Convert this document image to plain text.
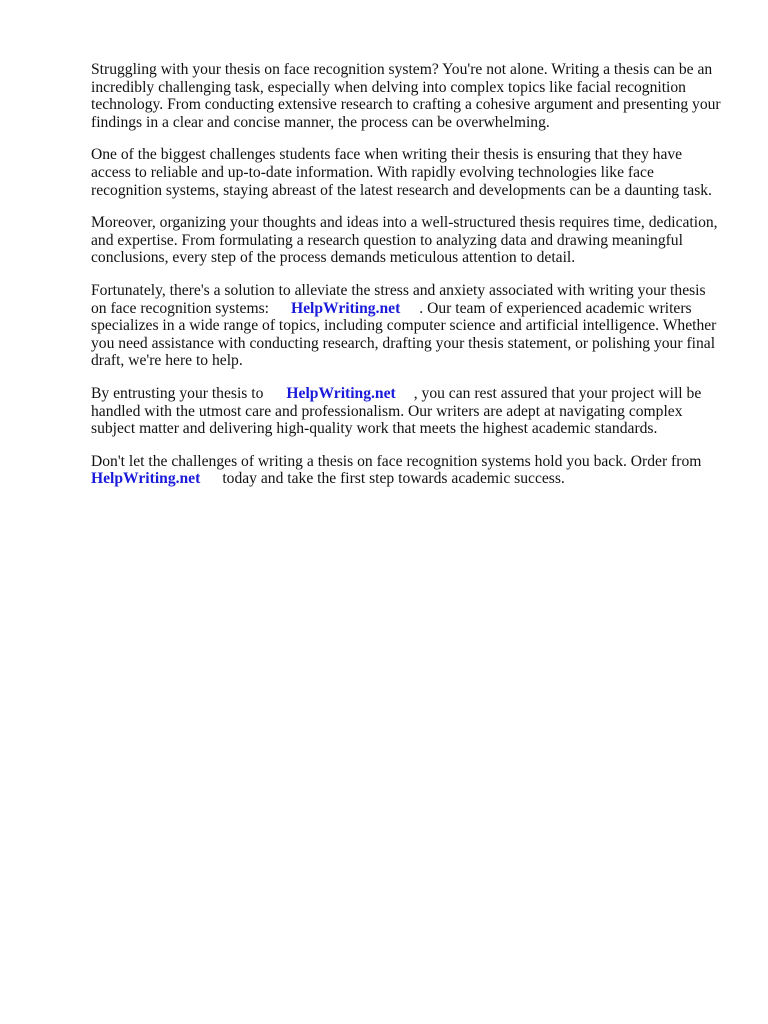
Struggling with your thesis on face recognition system? You're not alone. Writing a thesis can be an
incredibly challenging task, especially when delving into complex topics like facial recognition
technology. From conducting extensive research to crafting a cohesive argument and presenting your
findings in a clear and concise manner, the process can be overwhelming.

One of the biggest challenges students face when writing their thesis is ensuring that they have
access to reliable and up-to-date information. With rapidly evolving technologies like face
recognition systems, staying abreast of the latest research and developments can be a daunting task.

Moreover, organizing your thoughts and ideas into a well-structured thesis requires time, dedication,
and expertise. From formulating a research question to analyzing data and drawing meaningful
conclusions, every step of the process demands meticulous attention to detail.

Fortunately, there's a solution to alleviate the stress and anxiety associated with writing your thesis
on face recognition systems: HelpWriting.net . Our team of experienced academic writers
specializes in a wide range of topics, including computer science and artificial intelligence. Whether
you need assistance with conducting research, drafting your thesis statement, or polishing your final
draft, we're here to help.

By entrusting your thesis to HelpWriting.net , you can rest assured that your project will be
handled with the utmost care and professionalism. Our writers are adept at navigating complex
subject matter and delivering high-quality work that meets the highest academic standards.

Don't let the challenges of writing a thesis on face recognition systems hold you back. Order from
HelpWriting.net today and take the first step towards academic success.
